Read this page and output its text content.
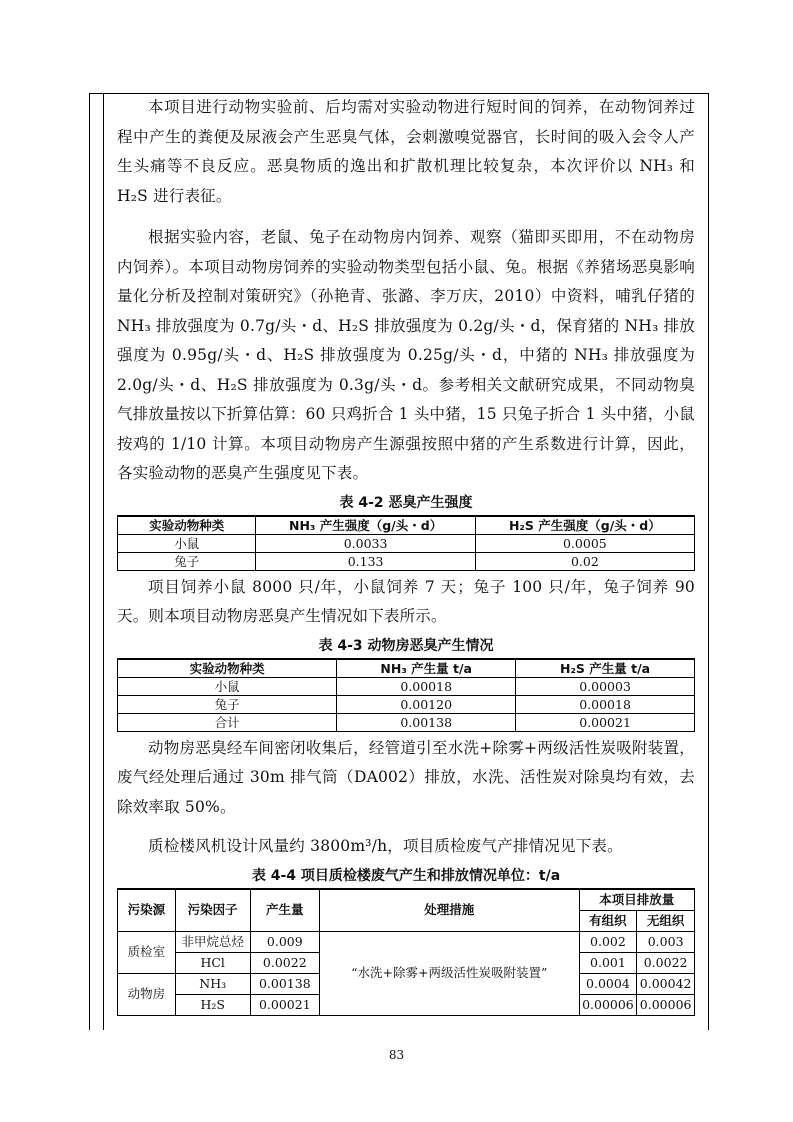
本项目进行动物实验前、后均需对实验动物进行短时间的饲养，在动物饲养过程中产生的粪便及尿液会产生恶臭气体，会刺激嗅觉器官，长时间的吸入会令人产生头痛等不良反应。恶臭物质的逸出和扩散机理比较复杂，本次评价以 NH₃ 和 H₂S 进行表征。

根据实验内容，老鼠、兔子在动物房内饲养、观察（猫即买即用，不在动物房内饲养）。本项目动物房饲养的实验动物类型包括小鼠、兔。根据《养猪场恶臭影响量化分析及控制对策研究》（孙艳青、张潞、李万庆，2010）中资料，哺乳仔猪的 NH₃ 排放强度为 0.7g/头・d、H₂S 排放强度为 0.2g/头・d，保育猪的 NH₃ 排放强度为 0.95g/头・d、H₂S 排放强度为 0.25g/头・d，中猪的 NH₃ 排放强度为 2.0g/头・d、H₂S 排放强度为 0.3g/头・d。参考相关文献研究成果，不同动物臭气排放量按以下折算估算：60 只鸡折合 1 头中猪，15 只兔子折合 1 头中猪，小鼠按鸡的 1/10 计算。本项目动物房产生源强按照中猪的产生系数进行计算，因此，各实验动物的恶臭产生强度见下表。

表 4-2 恶臭产生强度
实验动物种类	NH₃ 产生强度（g/头・d）	H₂S 产生强度（g/头・d）
小鼠	0.0033	0.0005
兔子	0.133	0.02

项目饲养小鼠 8000 只/年，小鼠饲养 7 天；兔子 100 只/年，兔子饲养 90 天。则本项目动物房恶臭产生情况如下表所示。

表 4-3 动物房恶臭产生情况
实验动物种类	NH₃ 产生量 t/a	H₂S 产生量 t/a
小鼠	0.00018	0.00003
兔子	0.00120	0.00018
合计	0.00138	0.00021

动物房恶臭经车间密闭收集后，经管道引至水洗+除雾+两级活性炭吸附装置，废气经处理后通过 30m 排气筒（DA002）排放，水洗、活性炭对除臭均有效，去除效率取 50%。

质检楼风机设计风量约 3800m³/h，项目质检废气产排情况见下表。

表 4-4 项目质检楼废气产生和排放情况单位：t/a
污染源	污染因子	产生量	处理措施	本项目排放量	
				有组织	无组织
质检室	非甲烷总烃	0.009	“水洗+除雾+两级活性炭吸附装置”	0.002	0.003
	HCl	0.0022		0.001	0.0022
动物房	NH₃	0.00138		0.0004	0.00042
	H₂S	0.00021		0.00006	0.00006
83
